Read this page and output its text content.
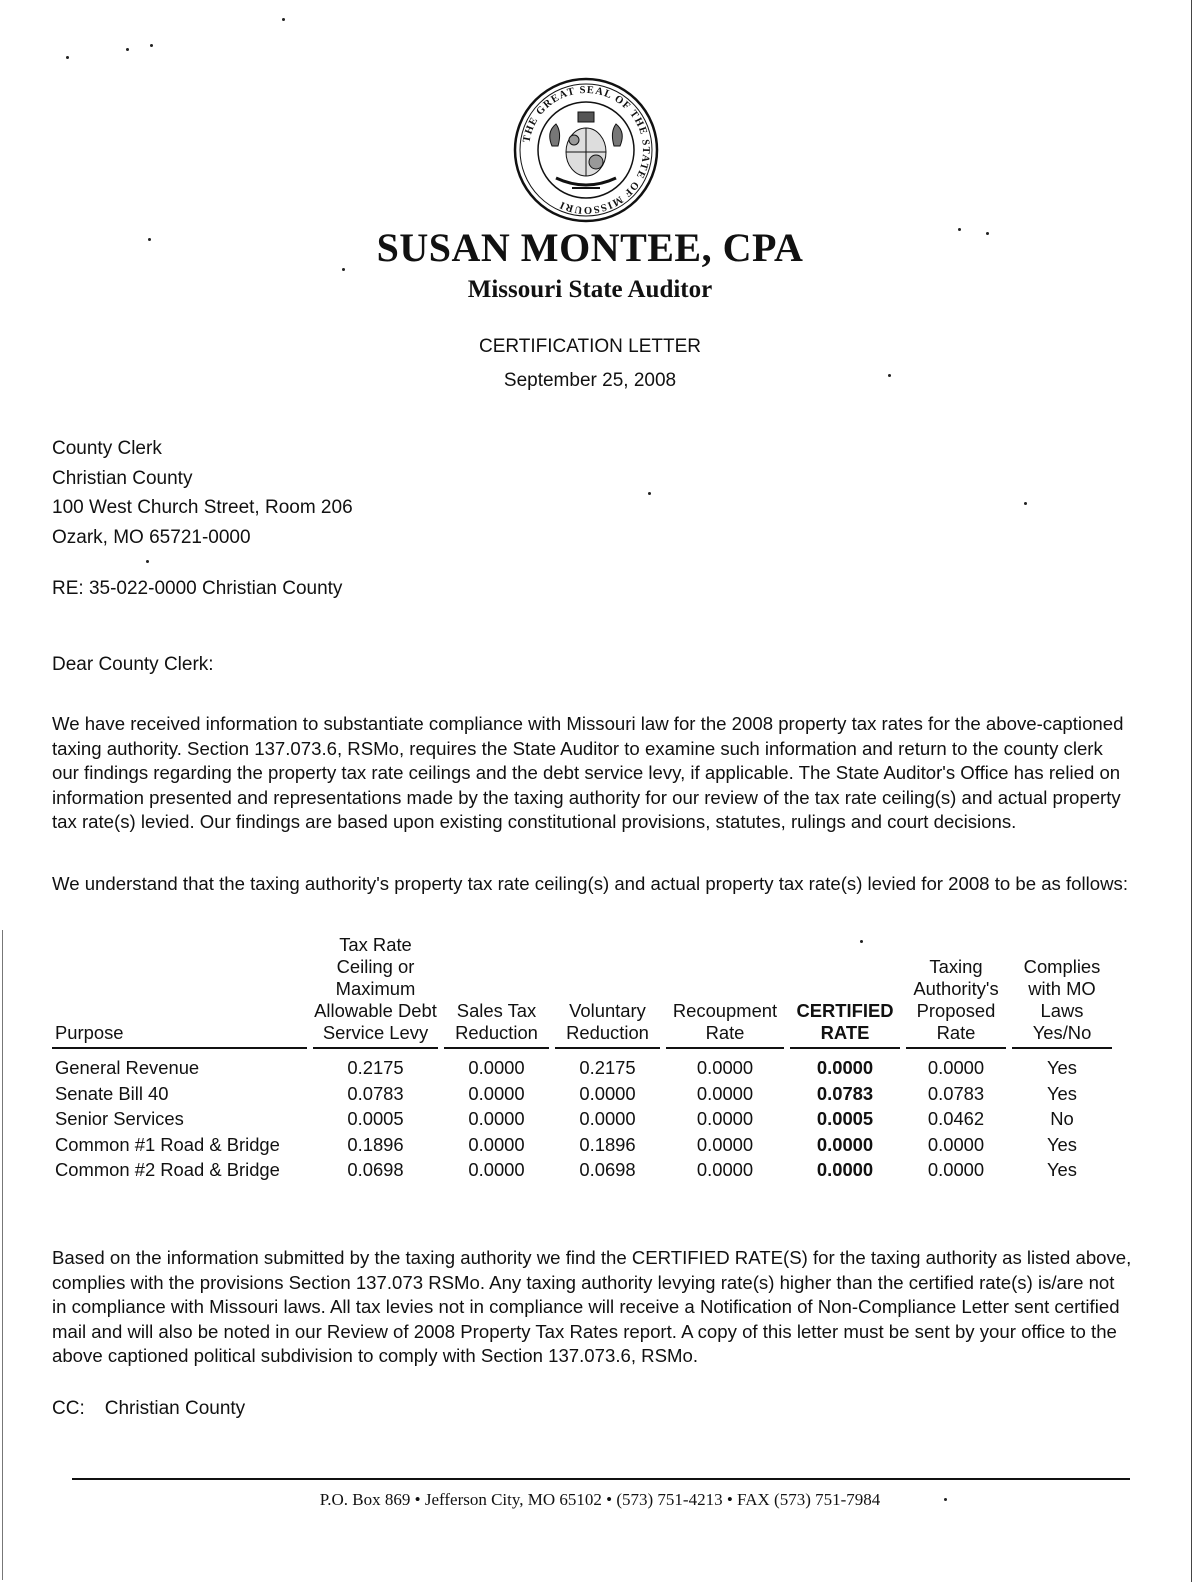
THE GREAT SEAL OF THE STATE OF MISSOURI
SUSAN MONTEE, CPA
Missouri State Auditor
CERTIFICATION LETTER
September 25, 2008
County Clerk
Christian County
100 West Church Street, Room 206
Ozark, MO 65721-0000
RE: 35-022-0000 Christian County
Dear County Clerk:
We have received information to substantiate compliance with Missouri law for the 2008 property tax rates for the above-captioned taxing authority. Section 137.073.6, RSMo, requires the State Auditor to examine such information and return to the county clerk our findings regarding the property tax rate ceilings and the debt service levy, if applicable. The State Auditor's Office has relied on information presented and representations made by the taxing authority for our review of the tax rate ceiling(s) and actual property tax rate(s) levied. Our findings are based upon existing constitutional provisions, statutes, rulings and court decisions.
We understand that the taxing authority's property tax rate ceiling(s) and actual property tax rate(s) levied for 2008 to be as follows:
Purpose		Tax Rate Ceiling or Maximum Allowable Debt Service Levy		Sales Tax Reduction		Voluntary Reduction		Recoupment Rate		CERTIFIED RATE		Taxing Authority's Proposed Rate		Complies with MO Laws Yes/No
General Revenue		0.2175		0.0000		0.2175		0.0000		0.0000		0.0000		Yes
Senate Bill 40		0.0783		0.0000		0.0000		0.0000		0.0783		0.0783		Yes
Senior Services		0.0005		0.0000		0.0000		0.0000		0.0005		0.0462		No
Common #1 Road & Bridge		0.1896		0.0000		0.1896		0.0000		0.0000		0.0000		Yes
Common #2 Road & Bridge		0.0698		0.0000		0.0698		0.0000		0.0000		0.0000		Yes
Based on the information submitted by the taxing authority we find the CERTIFIED RATE(S) for the taxing authority as listed above, complies with the provisions Section 137.073 RSMo. Any taxing authority levying rate(s) higher than the certified rate(s) is/are not in compliance with Missouri laws. All tax levies not in compliance will receive a Notification of Non-Compliance Letter sent certified mail and will also be noted in our Review of 2008 Property Tax Rates report. A copy of this letter must be sent by your office to the above captioned political subdivision to comply with Section 137.073.6, RSMo.
CC: Christian County
P.O. Box 869 • Jefferson City, MO 65102 • (573) 751-4213 • FAX (573) 751-7984
